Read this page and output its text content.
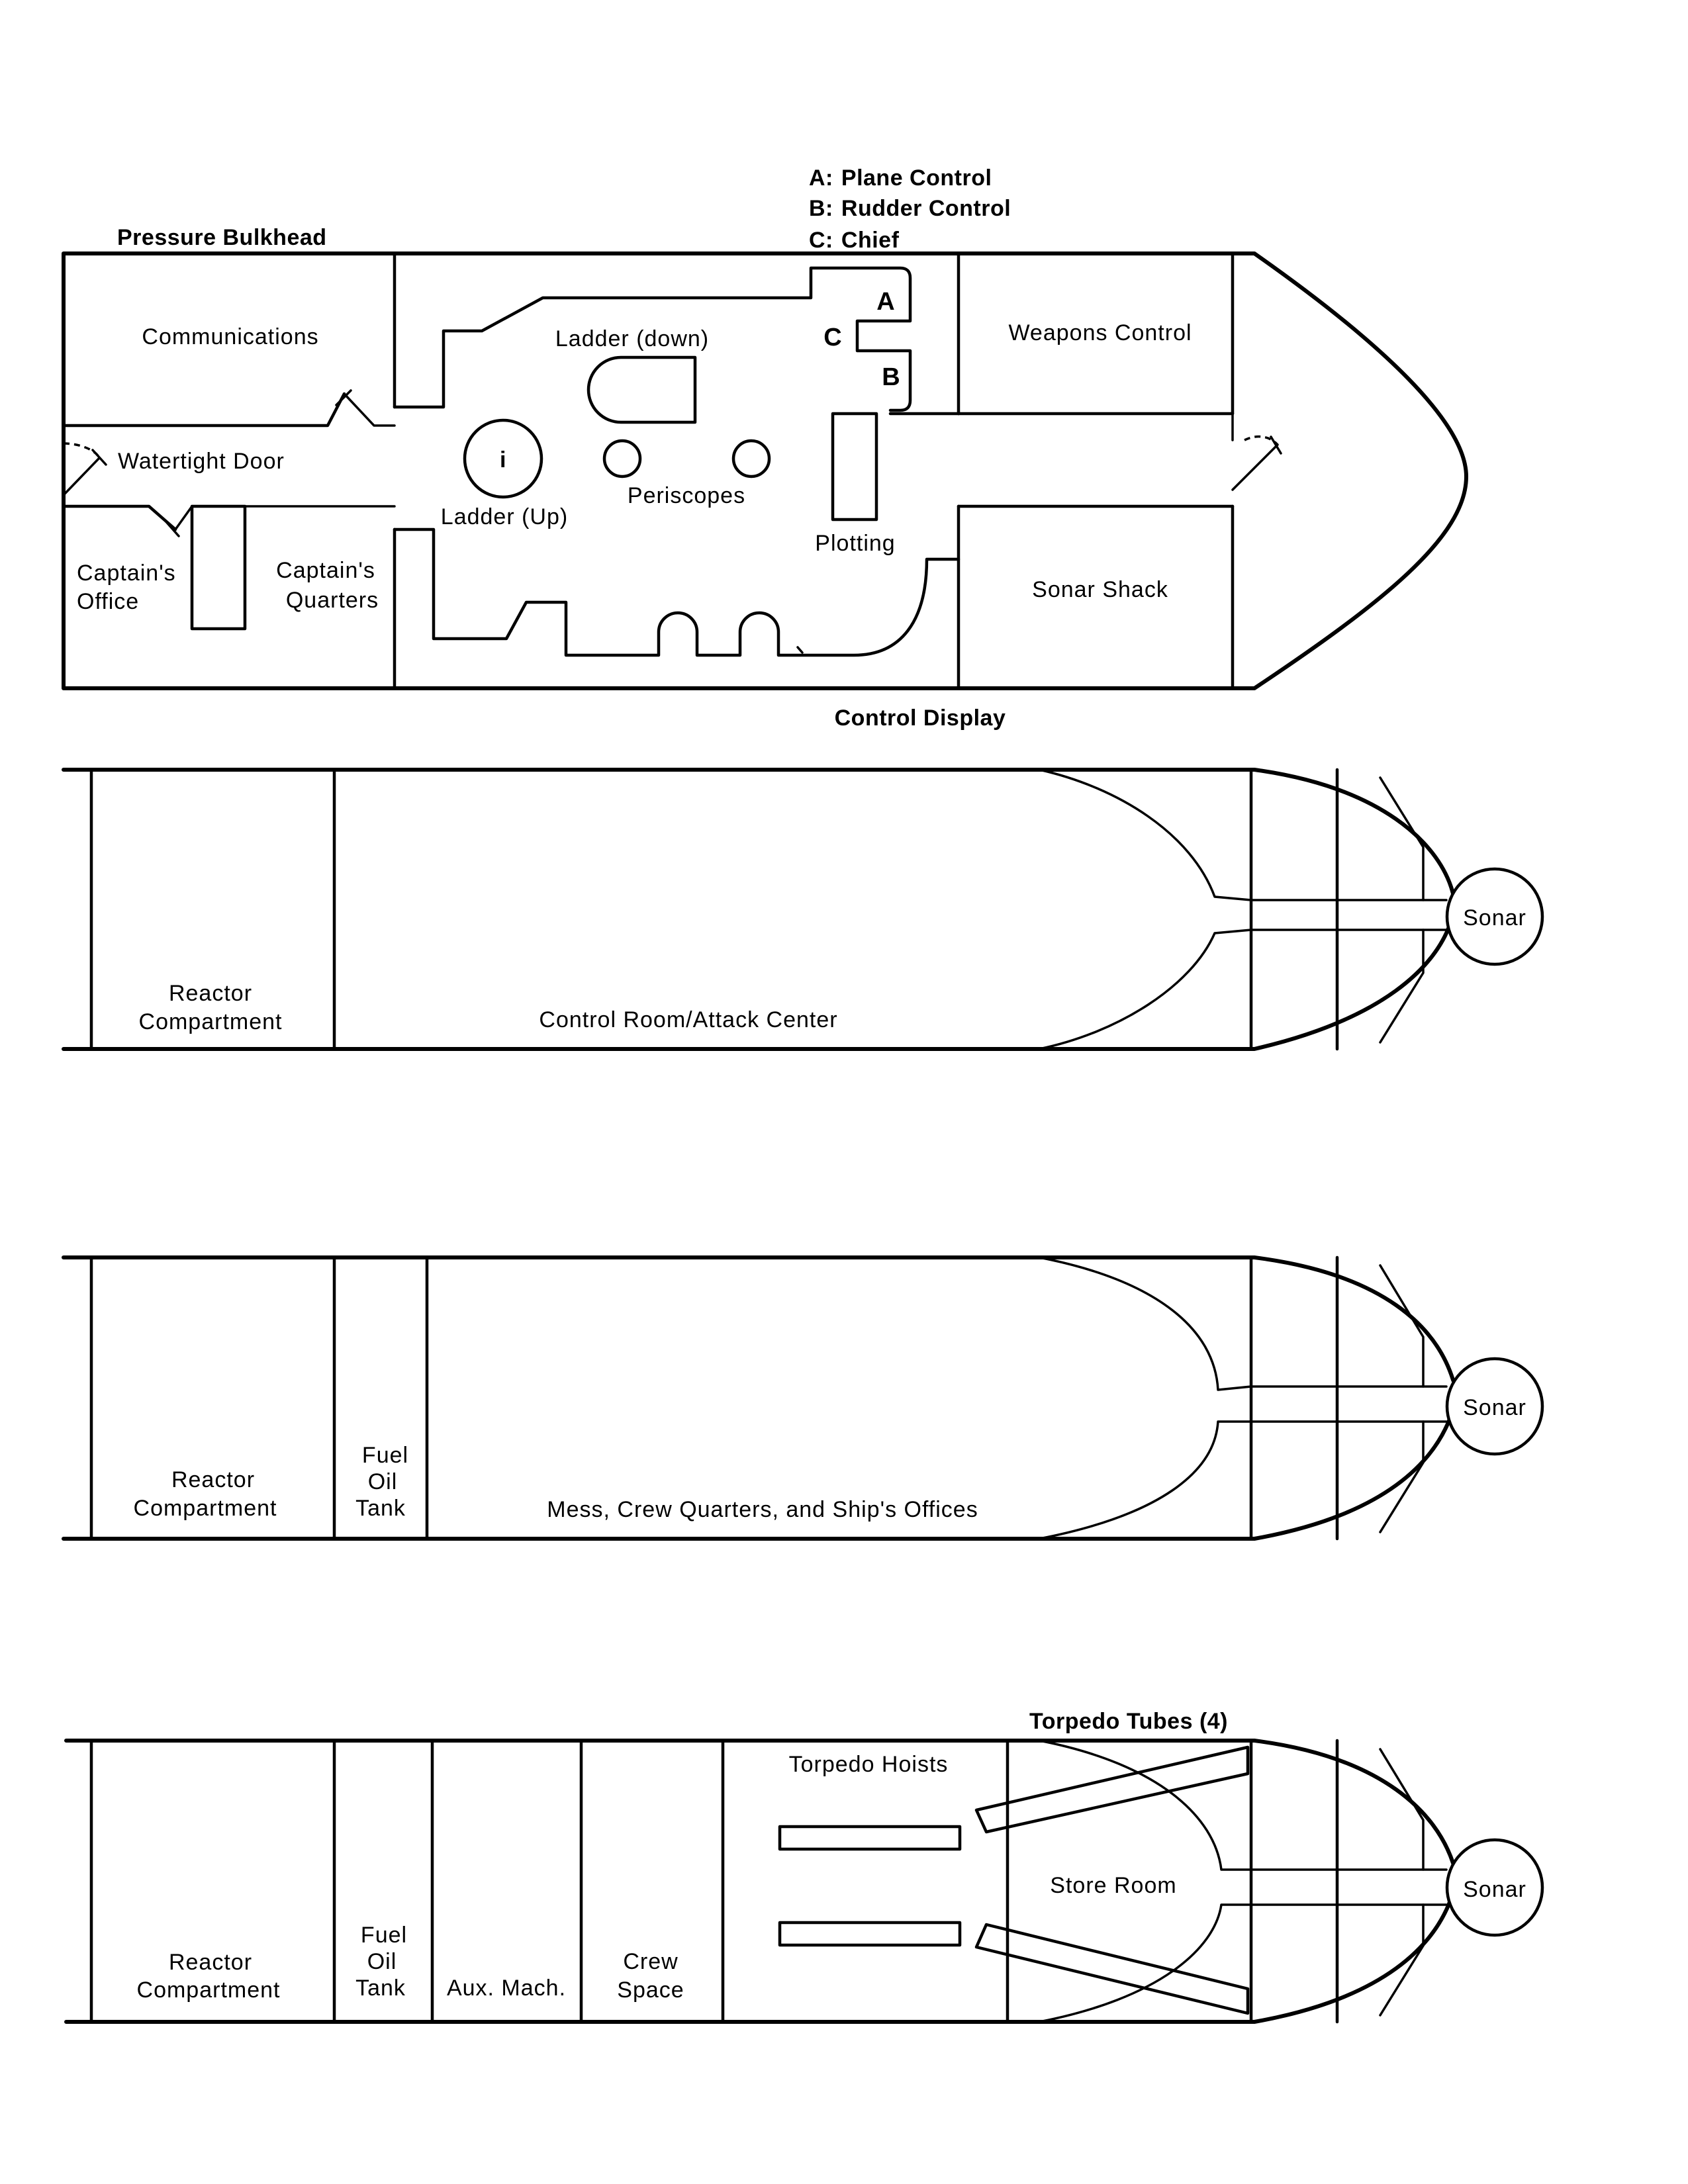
A: Plane Control
B: Rudder Control
C: Chief
Pressure Bulkhead
Communications
Watertight Door
Captain's
Office
Captain's
Quarters
Ladder (down)
i
Ladder (Up)
Periscopes
Plotting
A
C
B
Weapons Control
Sonar Shack
Control Display
Sonar
Reactor
Compartment	Control Room/Attack Center
Sonar
Reactor
Compartment
Fuel
Oil
Tank	Mess, Crew Quarters, and Ship's Offices
Sonar
Torpedo Tubes (4)
Torpedo Hoists
Store Room
Reactor
Compartment
Fuel
Oil
Tank Aux. Mach.
Crew
Space
